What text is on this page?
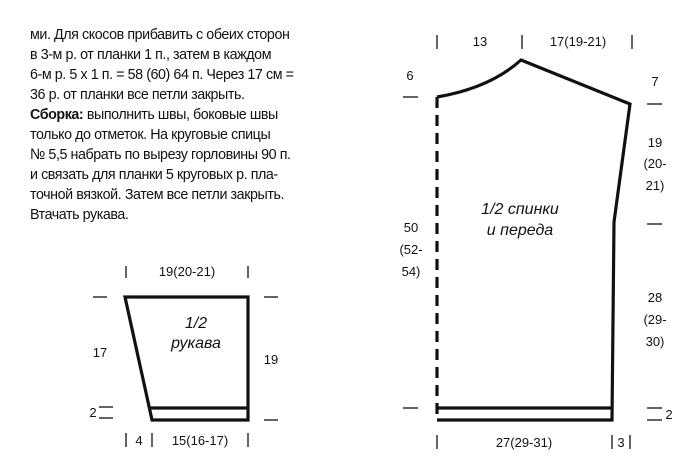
ми. Для скосов прибавить с обеих сторон
в 3-м р. от планки 1 п., затем в каждом
6-м р. 5 х 1 п. = 58 (60) 64 п. Через 17 см =
36 р. от планки все петли закрыть.
Сборка: выполнить швы, боковые швы
только до отметок. На круговые спицы
№ 5,5 набрать по вырезу горловины 90 п.
и связать для планки 5 круговых р. пла-
точной вязкой. Затем все петли закрыть.
Втачать рукава.
19(20-21)
17
2
19
1/2
рукава
4 15(16-17)
13	17(19-21)
6
50
(52-
54)
7
19
(20-
21)
28
(29-
30)
2
1/2 спинки
и переда
27(29-31)	3
